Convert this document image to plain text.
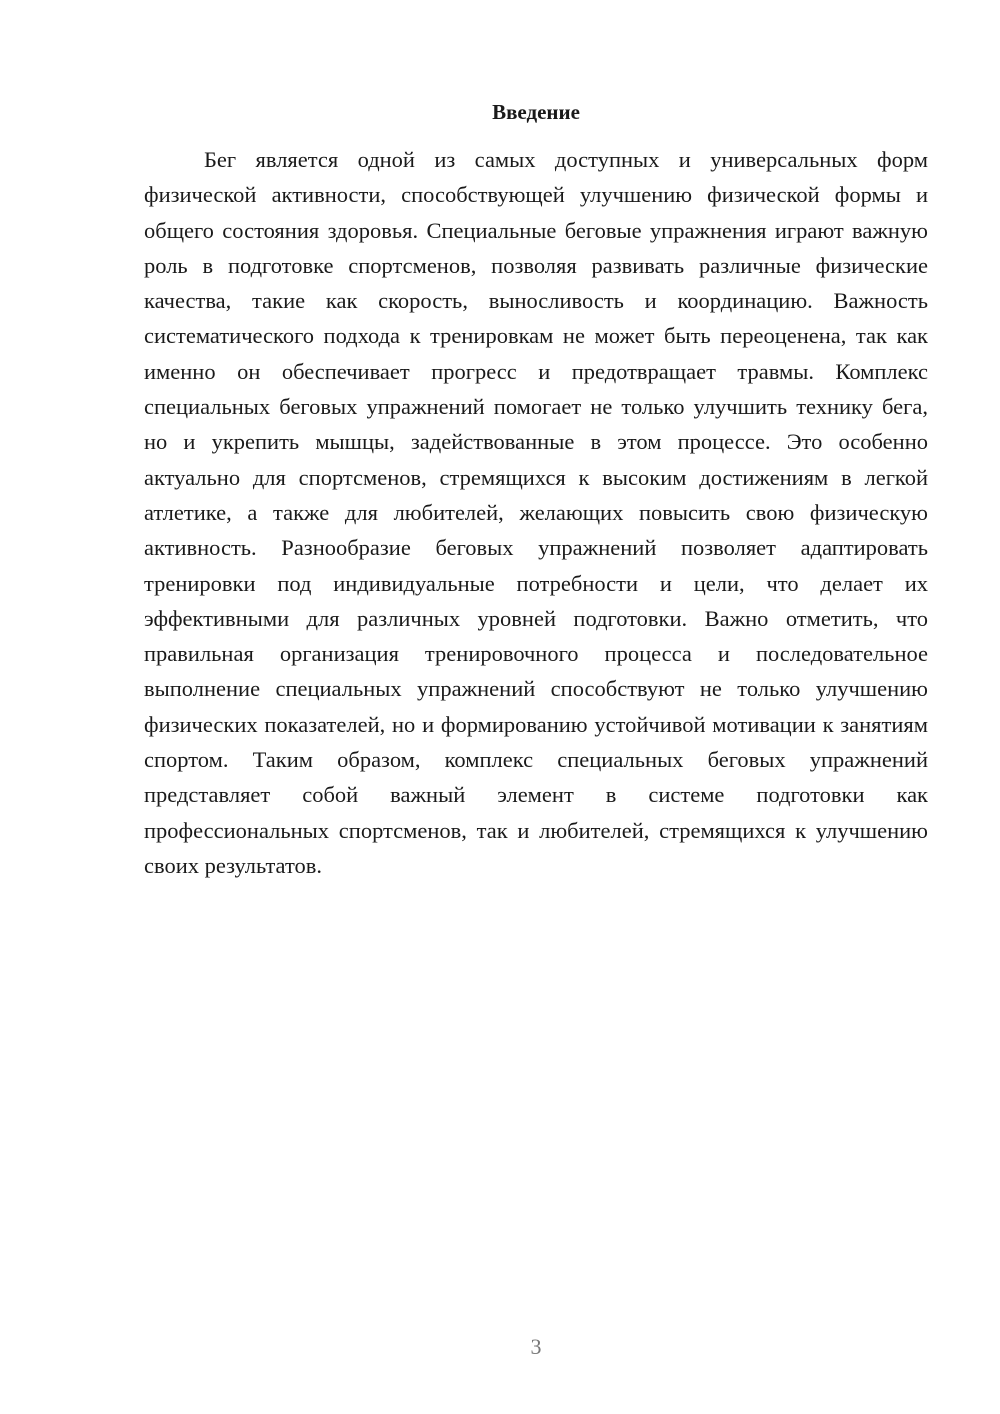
Введение

Бег является одной из самых доступных и универсальных форм физической активности, способствующей улучшению физической формы и общего состояния здоровья. Специальные беговые упражнения играют важную роль в подготовке спортсменов, позволяя развивать различные физические качества, такие как скорость, выносливость и координацию. Важность систематического подхода к тренировкам не может быть переоценена, так как именно он обеспечивает прогресс и предотвращает травмы. Комплекс специальных беговых упражнений помогает не только улучшить технику бега, но и укрепить мышцы, задействованные в этом процессе. Это особенно актуально для спортсменов, стремящихся к высоким достижениям в легкой атлетике, а также для любителей, желающих повысить свою физическую активность. Разнообразие беговых упражнений позволяет адаптировать тренировки под индивидуальные потребности и цели, что делает их эффективными для различных уровней подготовки. Важно отметить, что правильная организация тренировочного процесса и последовательное выполнение специальных упражнений способствуют не только улучшению физических показателей, но и формированию устойчивой мотивации к занятиям спортом. Таким образом, комплекс специальных беговых упражнений представляет собой важный элемент в системе подготовки как профессиональных спортсменов, так и любителей, стремящихся к улучшению своих результатов.

3
